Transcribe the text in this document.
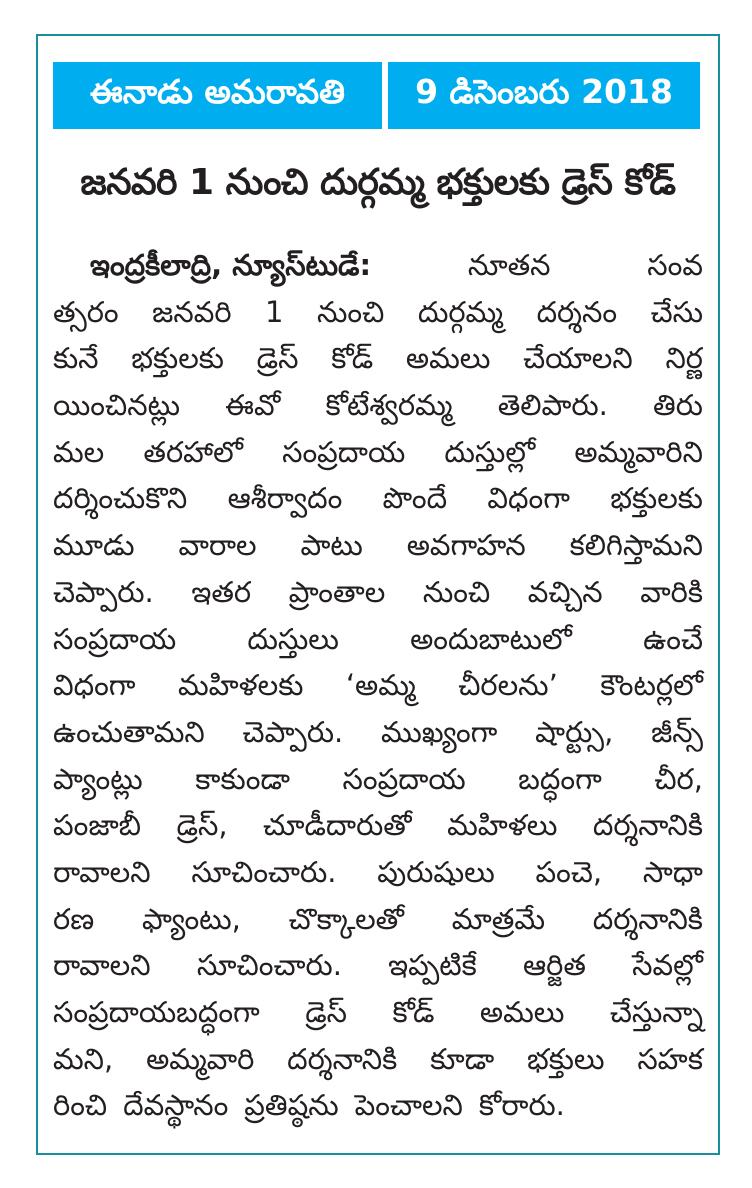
ఈనాడు అమరావతి 9 డిసెంబరు 2018
జనవరి 1 నుంచి దుర్గమ్మ భక్తులకు డ్రెస్ కోడ్
ఇంద్రకీలాద్రి, న్యూస్‌టుడే:	నూతన	సంవ
త్సరం జనవరి 1 నుంచి దుర్గమ్మ దర్శనం చేసు
కునే భక్తులకు డ్రెస్ కోడ్ అమలు చేయాలని నిర్ణ
యించినట్లు ఈవో కోటేశ్వరమ్మ తెలిపారు. తిరు
మల తరహాలో సంప్రదాయ దుస్తుల్లో అమ్మవారిని
దర్శించుకొని ఆశీర్వాదం పొందే విధంగా భక్తులకు
మూడు వారాల పాటు అవగాహన కలిగిస్తామని
చెప్పారు. ఇతర ప్రాంతాల నుంచి వచ్చిన వారికి
సంప్రదాయ దుస్తులు అందుబాటులో ఉంచే
విధంగా మహిళలకు ‘అమ్మ చీరలను’ కౌంటర్లలో
ఉంచుతామని చెప్పారు. ముఖ్యంగా షార్ట్సు, జీన్స్
ప్యాంట్లు కాకుండా సంప్రదాయ బద్ధంగా చీర,
పంజాబీ డ్రెస్, చూడీదారుతో మహిళలు దర్శనానికి
రావాలని సూచించారు. పురుషులు పంచె, సాధా
రణ ఫ్యాంటు, చొక్కాలతో మాత్రమే దర్శనానికి
రావాలని సూచించారు. ఇప్పటికే ఆర్జిత సేవల్లో
సంప్రదాయబద్ధంగా డ్రెస్ కోడ్ అమలు చేస్తున్నా
మని, అమ్మవారి దర్శనానికి కూడా భక్తులు సహక
రించి దేవస్థానం ప్రతిష్ఠను పెంచాలని కోరారు.
